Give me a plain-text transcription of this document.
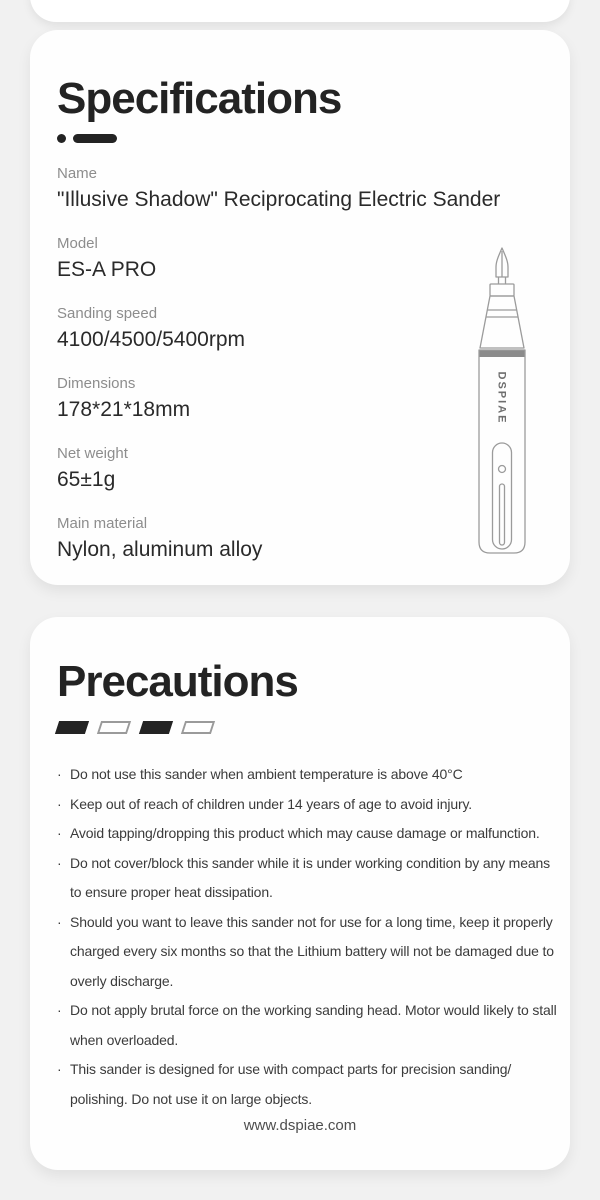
Specifications
Name
"Illusive Shadow" Reciprocating Electric Sander
Model
ES-A PRO
Sanding speed
4100/4500/5400rpm
Dimensions
178*21*18mm
Net weight
65±1g
Main material
Nylon, aluminum alloy
DSPIAE
Precautions
· Do not use this sander when ambient temperature is above 40°C
· Keep out of reach of children under 14 years of age to avoid injury.
· Avoid tapping/dropping this product which may cause damage or malfunction.
· Do not cover/block this sander while it is under working condition by any means to ensure proper heat dissipation.
· Should you want to leave this sander not for use for a long time, keep it properly charged every six months so that the Lithium battery will not be damaged due to overly discharge.
· Do not apply brutal force on the working sanding head. Motor would likely to stall when overloaded.
· This sander is designed for use with compact parts for precision sanding/ polishing. Do not use it on large objects.
www.dspiae.com
